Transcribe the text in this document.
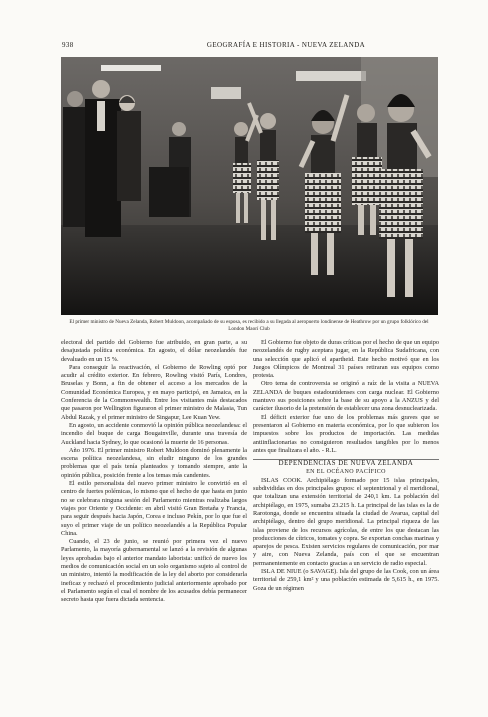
938	GEOGRAFÍA E HISTORIA - NUEVA ZELANDA
El primer ministro de Nueva Zelanda, Robert Muldoon, acompañado de su esposa, es recibido a su llegada al aeropuerto londinense de Heathrow por un grupo folklórico del London Maorí Club

electoral del partido del Gobierno fue atribuido, en gran parte, a su desajustada política económica. En agosto, el dólar neozelandés fue devaluado en un 15 %.

Para conseguir la reactivación, el Gobierno de Rowling optó por acudir al crédito exterior. En febrero, Rowling visitó París, Londres, Bruselas y Bonn, a fin de obtener el acceso a los mercados de la Comunidad Económica Europea, y en mayo participó, en Jamaica, en la Conferencia de la Commonwealth. Entre los visitantes más destacados que pasaron por Wellington figuraron el primer ministro de Malasia, Tun Abdul Razak, y el primer ministro de Singapur, Lee Kuan Yew.

En agosto, un accidente conmovió la opinión pública neozelandesa: el incendio del buque de carga Bougainville, durante una travesía de Auckland hacia Sydney, lo que ocasionó la muerte de 16 personas.

Año 1976. El primer ministro Robert Muldoon dominó plenamente la escena política neozelandesa, sin eludir ninguno de los grandes problemas que el país tenía planteados y tomando siempre, ante la opinión pública, posición frente a los temas más candentes.

El estilo personalista del nuevo primer ministro le convirtió en el centro de fuertes polémicas, lo mismo que el hecho de que hasta en junio no se celebrara ninguna sesión del Parlamento mientras realizaba largos viajes por Oriente y Occidente: en abril visitó Gran Bretaña y Francia, para seguir después hacia Japón, Corea e incluso Pekín, por lo que fue el suyo el primer viaje de un político neozelandés a la República Popular China.

Cuando, el 23 de junio, se reunió por primera vez el nuevo Parlamento, la mayoría gubernamental se lanzó a la revisión de algunas leyes aprobadas bajo el anterior mandato laborista: unificó de nuevo los medios de comunicación social en un solo organismo sujeto al control de un ministro, intentó la modificación de la ley del aborto por considerarla ineficaz y rechazó el procedimiento judicial anteriormente aprobado por el Parlamento según el cual el nombre de los acusados debía permanecer secreto hasta que fuera dictada sentencia.

El Gobierno fue objeto de duras críticas por el hecho de que un equipo neozelandés de rugby aceptara jugar, en la República Sudafricana, con una selección que aplicó el apartheid. Este hecho motivó que en los Juegos Olímpicos de Montreal 31 países retiraran sus equipos como protesta.

Otro tema de controversia se originó a raíz de la visita a NUEVA ZELANDA de buques estadounidenses con carga nuclear. El Gobierno mantuvo sus posiciones sobre la base de su apoyo a la ANZUS y del carácter ilusorio de la pretensión de establecer una zona desnuclearizada.

El déficit exterior fue uno de los problemas más graves que se presentaron al Gobierno en materia económica, por lo que subieron los impuestos sobre los productos de importación. Las medidas antiinflacionarias no consiguieron resultados tangibles por lo menos antes que finalizara el año. - R.L.

DEPENDENCIAS DE NUEVA ZELANDA

EN EL OCÉANO PACÍFICO

ISLAS COOK. Archipiélago formado por 15 islas principales, subdivididas en dos principales grupos: el septentrional y el meridional, que totalizan una extensión territorial de 240,1 km. La población del archipiélago, en 1975, sumaba 23.215 h. La principal de las islas es la de Rarotonga, donde se encuentra situada la ciudad de Avarua, capital del archipiélago, dentro del grupo meridional. La principal riqueza de las islas proviene de los recursos agrícolas, de entre los que destacan las producciones de cítricos, tomates y copra. Se exportan conchas marinas y aparejos de pesca. Existen servicios regulares de comunicación, por mar y aire, con Nueva Zelanda, país con el que se encuentran permanentemente en contacto gracias a un servicio de radio especial.

ISLA DE NIUE (o SAVAGE). Isla del grupo de las Cook, con un área territorial de 259,1 km² y una población estimada de 5,615 h., en 1975. Goza de un régimen
